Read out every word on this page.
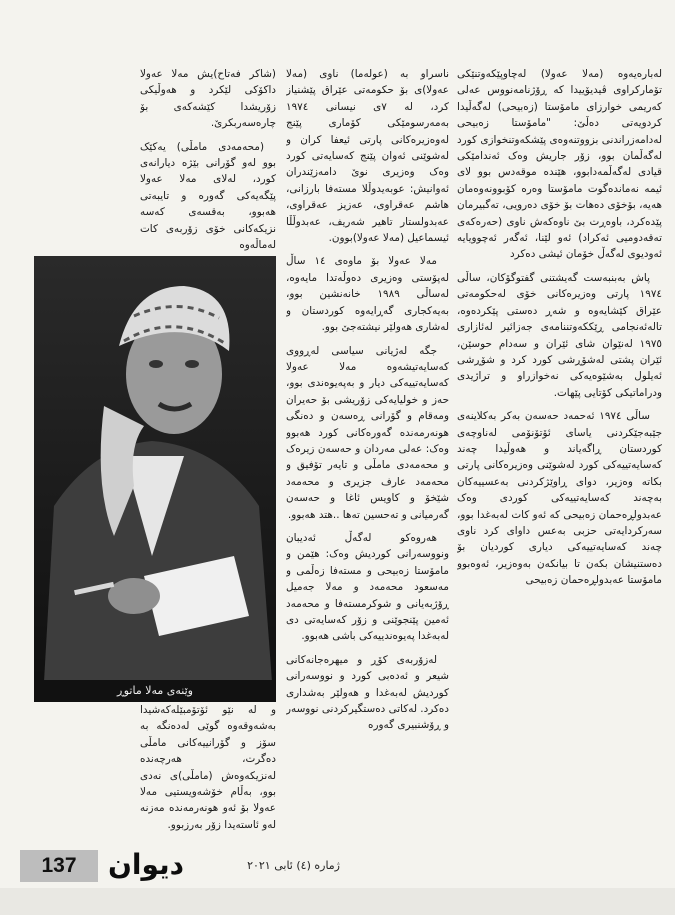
لەبارەیەوە (مەلا عەولا) لەچاوپێکەوتنێکی تۆمارکراوی ڤیدیۆییدا کە ڕۆژنامەنووس عەلی کەریمی خوارزای مامۆستا (زەبیحی) لەگەڵیدا کردویەتی دەڵێ: "مامۆستا زەبیحی لەدامەزراندنی بزووتنەوەی پێشکەوتنخوازی کورد لەگەڵمان بوو، زۆر جاریش وەک ئەندامێکی قیادی لەگەڵمەدابوو، هێندە موقەدس بوو لای ئیمە نەماندەگوت مامۆستا وەرە کۆبوونەوەمان هەیە، بۆخۆی دەهات بۆ خۆی دەرویی، تەگبیرمان پێدەکرد، باوەڕت بێ ناوەکەش ناوی (حەرەکەی تەقەدومیی ئەکراد) ئەو لێنا، ئەگەر ئەچوویایە ئەودیوی لەگەڵ خۆمان ئیشی دەکرد

پاش بەبنبەست گەیشتنی گفتوگۆکان، ساڵی ١٩٧٤ پارتی وەزیرەکانی خۆی لەحکومەتی عێراق کێشایەوە و شەڕ دەستی پێکردەوە، تالەئەنجامی ڕێککەوتننامەی جەزائیر لەئازاری ١٩٧٥ لەنێوان شای ئێران و سەدام حوسێن، ئێران پشتی لەشۆڕشی کورد کرد و شۆڕشی ئەیلول بەشێوەیەکی نەخوازراو و تراژیدی ودراماتیکی کۆتایی پێهات.

ساڵی ١٩٧٤ ئەحمەد حەسەن بەکر بەکلاینەی جێبەجێکردنی یاسای ئۆتۆنۆمی لەناوچەی کوردستان ڕاگەیاند و هەوڵیدا چەند کەسایەتییەکی کورد لەشوێنی وەزیرەکانی پارتی بکاتە وەزیر، دوای ڕاوێژکردنی بەعسییەکان بەچەند کەسایەتییەکی کوردی وەک عەبدولڕەحمان زەبیحی کە ئەو کات لەبەغدا بوو، سەرکردایەتی حزبی بەعس داوای کرد ناوی چەند کەسایەتییەکی دیاری کوردیان بۆ دەستنیشان بکەن تا بیانکەن بەوەزیر، ئەوەبوو مامۆستا عەبدولڕەحمان زەبیحی

ناسراو بە (عولەما) ناوی (مەلا عەولا)ی بۆ حکومەتی عێراق پێشنیاز کرد، لە ٧ی نیسانی ١٩٧٤ بەمەرسومێکی کۆماری پێنج لەوەزیرەکانی پارتی ئیعفا کران و لەشوێنی ئەوان پێنج کەسایەتی کورد وەک وەزیری نوێ دامەزێندران ئەوانیش: عوبەیدوڵلا مستەفا بارزانی، هاشم عەقراوی، عەزیز عەقراوی، عەبدولستار تاهیر شەریف، عەبدوڵڵا ئیسماعیل (مەلا عەولا)بوون.

مەلا عەولا بۆ ماوەی ١٤ ساڵ لەپۆستی وەزیری دەوڵەتدا مایەوە، لەساڵی ١٩٨٩ خانەنشین بوو، بەیەکجاری گەڕایەوە کوردستان و لەشاری هەولێر نیشتەجێ بوو.

جگە لەژیانی سیاسی لەڕووی کەسایەتیشەوە مەلا عەولا کەسایەتییەکی دیار و بەپەیوەندی بوو، حەز و خولیایەکی زۆریشی بۆ حەیران ومەقام و گۆرانی ڕەسەن و دەنگی هونەرمەندە گەورەکانی کورد هەبوو وەک: عەلی مەردان و حەسەن زیرەک و محەمەدی مامڵی و تایەر تۆفیق و محەمەد عارف جزیری و محەمەد شێخۆ و کاویس ئاغا و حەسەن گەرمیانی و تەحسین تەها ..هتد هەبوو.

هەروەکو لەگەڵ ئەدیبان ونووسەرانی کوردیش وەک: هێمن و مامۆستا زەبیحی و مستەفا زەڵمی و مەسعود محەمەد و مەلا جەمیل ڕۆژبەیانی و شوکرمستەفا و محەمەد ئەمین پێنجوێنی و زۆر کەسایەتی دی لەبەغدا پەیوەندییەکی باشی هەبوو.

لەزۆربەی کۆڕ و میهرەجانەکانی شیعر و ئەدەبی کورد و نووسەرانی کوردیش لەبەغدا و هەولێر بەشداری دەکرد. لەکاتی دەستگیرکردنی نووسەر و ڕۆشنبیری گەورە

(شاکر فەتاح)یش مەلا عەولا داکۆکی لێکرد و هەوڵیکی زۆریشدا کێشەکەی بۆ چارەسەربکرێ.

(محەمەدی مامڵی) یەکێک بوو لەو گۆرانی بێژە دیارانەی کورد، لەلای مەلا عەولا پێگەیەکی گەورە و تایبەتی هەبوو، بەقسەی کەسە نزیکەکانی خۆی زۆربەی کات لەماڵەوە

وێنەی مەلا ماتوڕ

و لە نێو ئۆتۆمبێلەکەشیدا بەشەوقەوە گوێی لەدەنگە بە سۆز و گۆرانییەکانی مامڵی دەگرت، هەرچەندە لەنزیکەوەش (مامڵی)ی نەدی بوو، بەڵام خۆشەویستیی مەلا عەولا بۆ ئەو هونەرمەندە مەزنە لەو ئاستەیدا زۆر بەرزبوو.

137	دیوان	ژمارە (٤) ئابی ٢٠٢١
